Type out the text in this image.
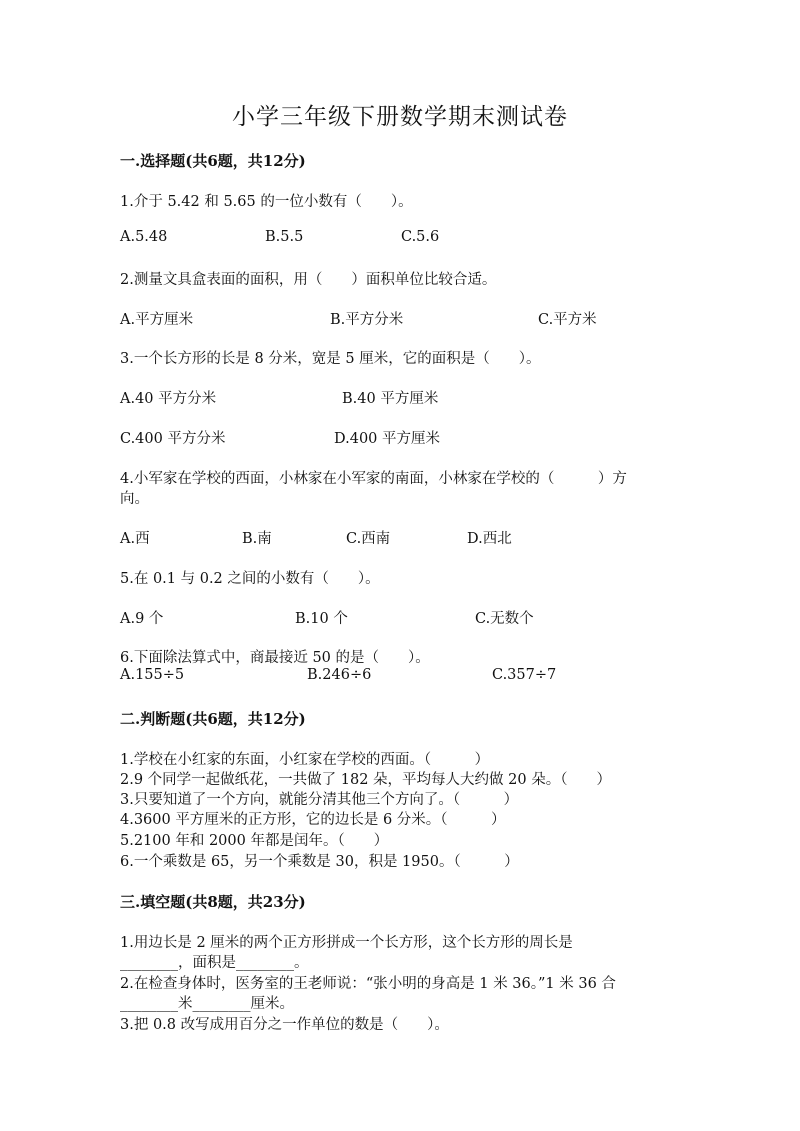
小学三年级下册数学期末测试卷
一.选择题(共6题，共12分)
1.介于 5.42 和 5.65 的一位小数有（　　）。
A.5.48	B.5.5	C.5.6
2.测量文具盒表面的面积，用（　　）面积单位比较合适。
A.平方厘米	B.平方分米	C.平方米
3.一个长方形的长是 8 分米，宽是 5 厘米，它的面积是（　　）。
A.40 平方分米	B.40 平方厘米
C.400 平方分米	D.400 平方厘米
4.小军家在学校的西面，小林家在小军家的南面，小林家在学校的（　　　）方
向。
A.西	B.南	C.西南	D.西北
5.在 0.1 与 0.2 之间的小数有（　　）。
A.9 个	B.10 个	C.无数个
6.下面除法算式中，商最接近 50 的是（　　）。
A.155÷5	B.246÷6	C.357÷7
二.判断题(共6题，共12分)
1.学校在小红家的东面，小红家在学校的西面。（　　　）
2.9 个同学一起做纸花，一共做了 182 朵，平均每人大约做 20 朵。（　　）
3.只要知道了一个方向，就能分清其他三个方向了。（　　　）
4.3600 平方厘米的正方形，它的边长是 6 分米。（　　　）
5.2100 年和 2000 年都是闰年。（　　）
6.一个乘数是 65，另一个乘数是 30，积是 1950。（　　　）
三.填空题(共8题，共23分)
1.用边长是 2 厘米的两个正方形拼成一个长方形，这个长方形的周长是
________，面积是________。
2.在检查身体时，医务室的王老师说：“张小明的身高是 1 米 36。”1 米 36 合
________米________厘米。
3.把 0.8 改写成用百分之一作单位的数是（　　）。
